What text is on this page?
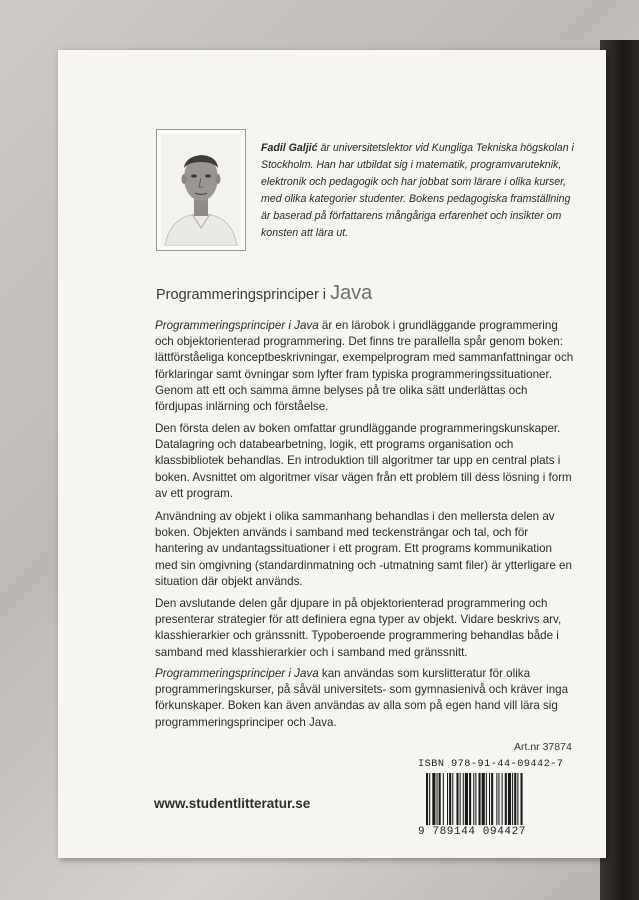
Fadil Galjić är universitetslektor vid Kungliga Tekniska högskolan i Stockholm. Han har utbildat sig i matematik, programvaruteknik, elektronik och pedagogik och har jobbat som lärare i olika kurser, med olika kategorier studenter. Bokens pedagogiska framställning är baserad på författarens mångåriga erfarenhet och insikter om konsten att lära ut.
Programmeringsprinciper i Java
Programmeringsprinciper i Java är en lärobok i grundläggande programmering och objektorienterad programmering. Det finns tre parallella spår genom boken: lättförståeliga konceptbeskrivningar, exempelprogram med sammanfattningar och förklaringar samt övningar som lyfter fram typiska programmeringssituationer. Genom att ett och samma ämne belyses på tre olika sätt underlättas och fördjupas inlärning och förståelse.
Den första delen av boken omfattar grundläggande programmeringskunskaper. Datalagring och databearbetning, logik, ett programs organisation och klassbibliotek behandlas. En introduktion till algoritmer tar upp en central plats i boken. Avsnittet om algoritmer visar vägen från ett problem till dess lösning i form av ett program.
Användning av objekt i olika sammanhang behandlas i den mellersta delen av boken. Objekten används i samband med teckensträngar och tal, och för hantering av undantagssituationer i ett program. Ett programs kommunikation med sin omgivning (standardinmatning och -utmatning samt filer) är ytterligare en situation där objekt används.
Den avslutande delen går djupare in på objektorienterad programmering och presenterar strategier för att definiera egna typer av objekt. Vidare beskrivs arv, klasshierarkier och gränssnitt. Typoberoende programmering behandlas både i samband med klasshierarkier och i samband med gränssnitt.
Programmeringsprinciper i Java kan användas som kurslitteratur för olika programmeringskurser, på såväl universitets- som gymnasienivå och kräver inga förkunskaper. Boken kan även användas av alla som på egen hand vill lära sig programmeringsprinciper och Java.
Art.nr 37874
ISBN 978-91-44-09442-7
9 789144 094427
www.studentlitteratur.se
